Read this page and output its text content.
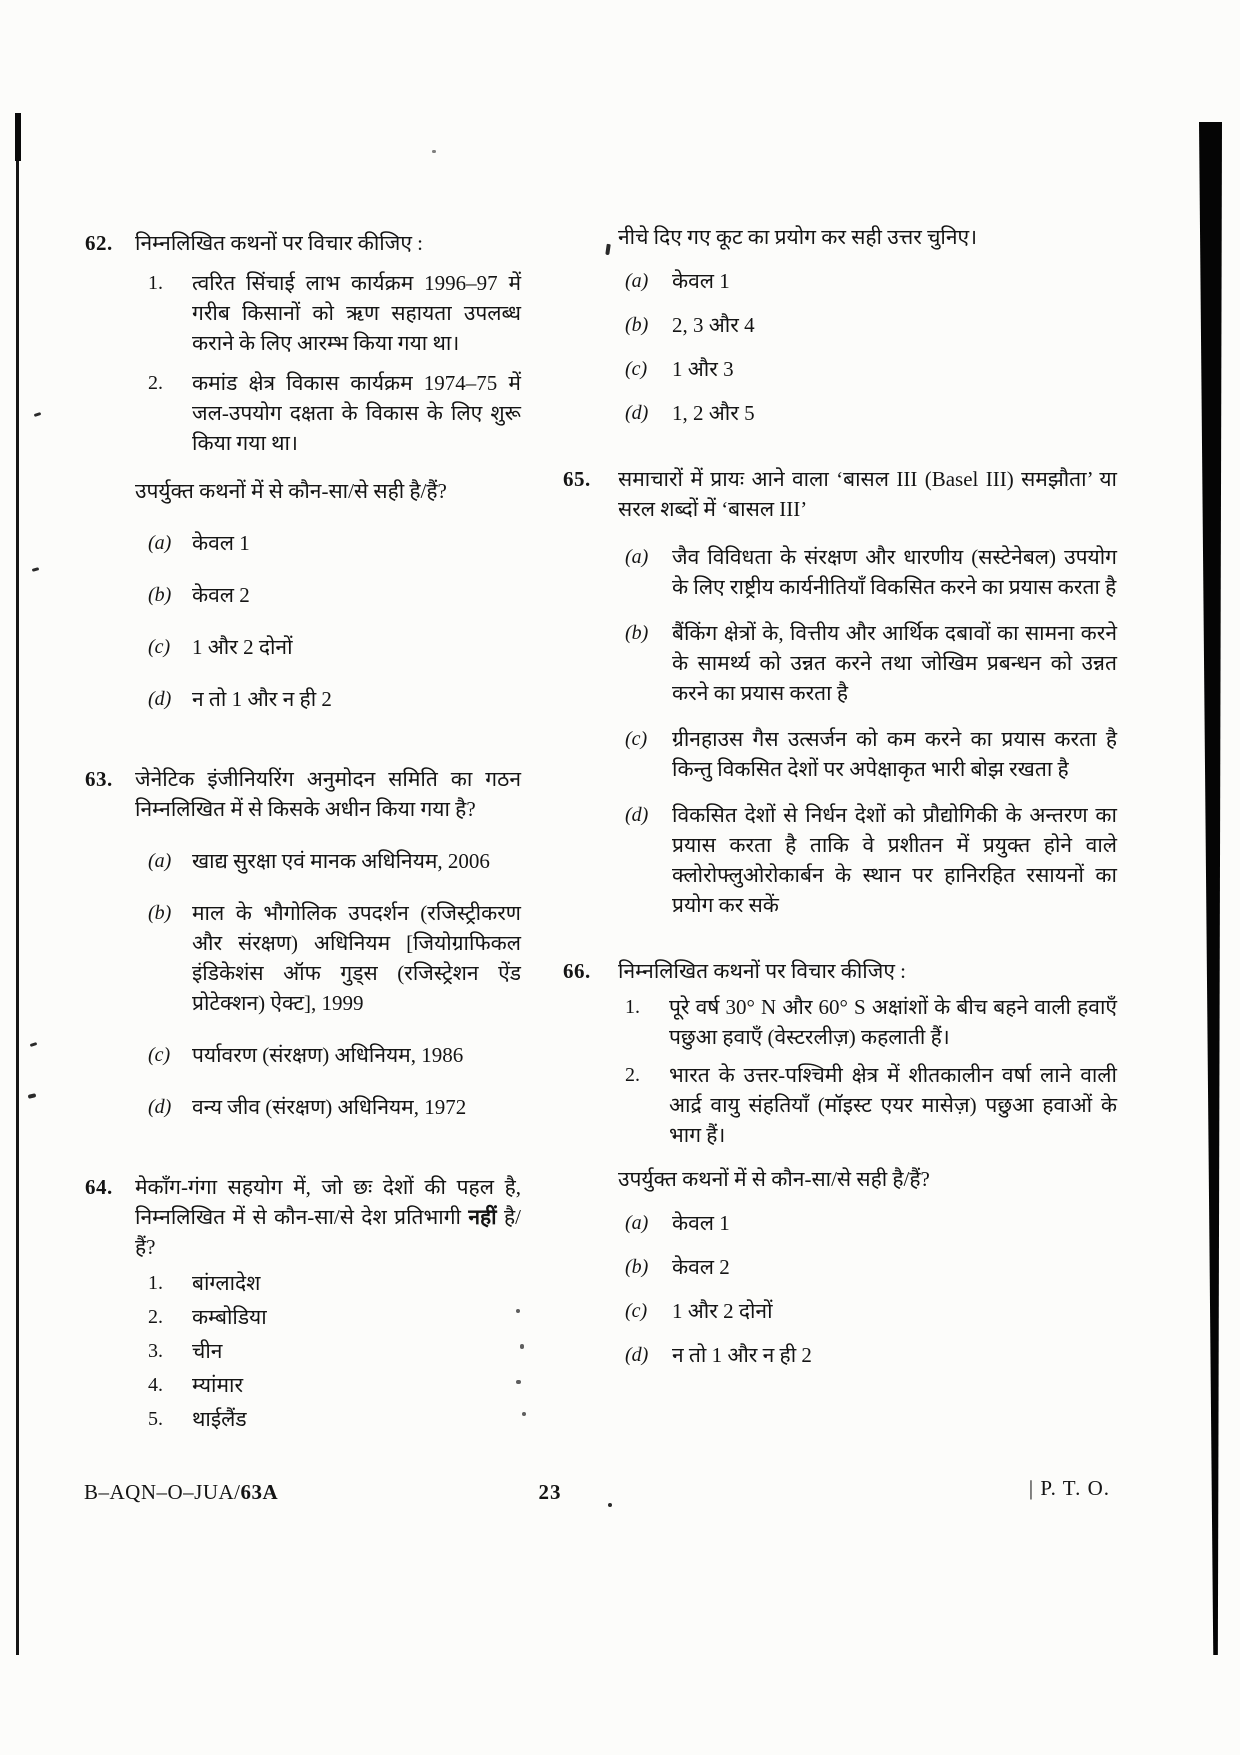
62.	निम्नलिखित कथनों पर विचार कीजिए :
1.	त्वरित सिंचाई लाभ कार्यक्रम 1996–97 में गरीब किसानों को ऋण सहायता उपलब्ध कराने के लिए आरम्भ किया गया था।
2.	कमांड क्षेत्र विकास कार्यक्रम 1974–75 में जल-उपयोग दक्षता के विकास के लिए शुरू किया गया था।
उपर्युक्त कथनों में से कौन-सा/से सही है/हैं?
(a) केवल 1
(b) केवल 2
(c)	1 और 2 दोनों
(d) न तो 1 और न ही 2
63.	जेनेटिक इंजीनियरिंग अनुमोदन समिति का गठन निम्नलिखित में से किसके अधीन किया गया है?
(a) खाद्य सुरक्षा एवं मानक अधिनियम, 2006
(b) माल के भौगोलिक उपदर्शन (रजिस्ट्रीकरण और संरक्षण) अधिनियम [जियोग्राफिकल इंडिकेशंस ऑफ गुड्स (रजिस्ट्रेशन ऐंड प्रोटेक्शन) ऐक्ट], 1999
(c)	पर्यावरण (संरक्षण) अधिनियम, 1986
(d) वन्य जीव (संरक्षण) अधिनियम, 1972
64.	मेकाँग-गंगा सहयोग में, जो छः देशों की पहल है, निम्नलिखित में से कौन-सा/से देश प्रतिभागी नहीं है/हैं?
1.	बांग्लादेश
2.	कम्बोडिया
3.	चीन
4.	म्यांमार
5.	थाईलैंड
नीचे दिए गए कूट का प्रयोग कर सही उत्तर चुनिए।
(a)	केवल 1
(b)	2, 3 और 4
(c)	1 और 3
(d)	1, 2 और 5
65.	समाचारों में प्रायः आने वाला ‘बासल III (Basel III) समझौता’ या सरल शब्दों में ‘बासल III’
(a)	जैव विविधता के संरक्षण और धारणीय (सस्टेनेबल) उपयोग के लिए राष्ट्रीय कार्यनीतियाँ विकसित करने का प्रयास करता है
(b)	बैंकिंग क्षेत्रों के, वित्तीय और आर्थिक दबावों का सामना करने के सामर्थ्य को उन्नत करने तथा जोखिम प्रबन्धन को उन्नत करने का प्रयास करता है
(c)	ग्रीनहाउस गैस उत्सर्जन को कम करने का प्रयास करता है किन्तु विकसित देशों पर अपेक्षाकृत भारी बोझ रखता है
(d)	विकसित देशों से निर्धन देशों को प्रौद्योगिकी के अन्तरण का प्रयास करता है ताकि वे प्रशीतन में प्रयुक्त होने वाले क्लोरोफ्लुओरोकार्बन के स्थान पर हानिरहित रसायनों का प्रयोग कर सकें
66.	निम्नलिखित कथनों पर विचार कीजिए :
1.	पूरे वर्ष 30° N और 60° S अक्षांशों के बीच बहने वाली हवाएँ पछुआ हवाएँ (वेस्टरलीज़) कहलाती हैं।
2.	भारत के उत्तर-पश्चिमी क्षेत्र में शीतकालीन वर्षा लाने वाली आर्द्र वायु संहतियाँ (मॉइस्ट एयर मासेज़) पछुआ हवाओं के भाग हैं।
उपर्युक्त कथनों में से कौन-सा/से सही है/हैं?
(a)	केवल 1
(b)	केवल 2
(c)	1 और 2 दोनों
(d)	न तो 1 और न ही 2
B–AQN–O–JUA/63A	23	| P. T. O.
